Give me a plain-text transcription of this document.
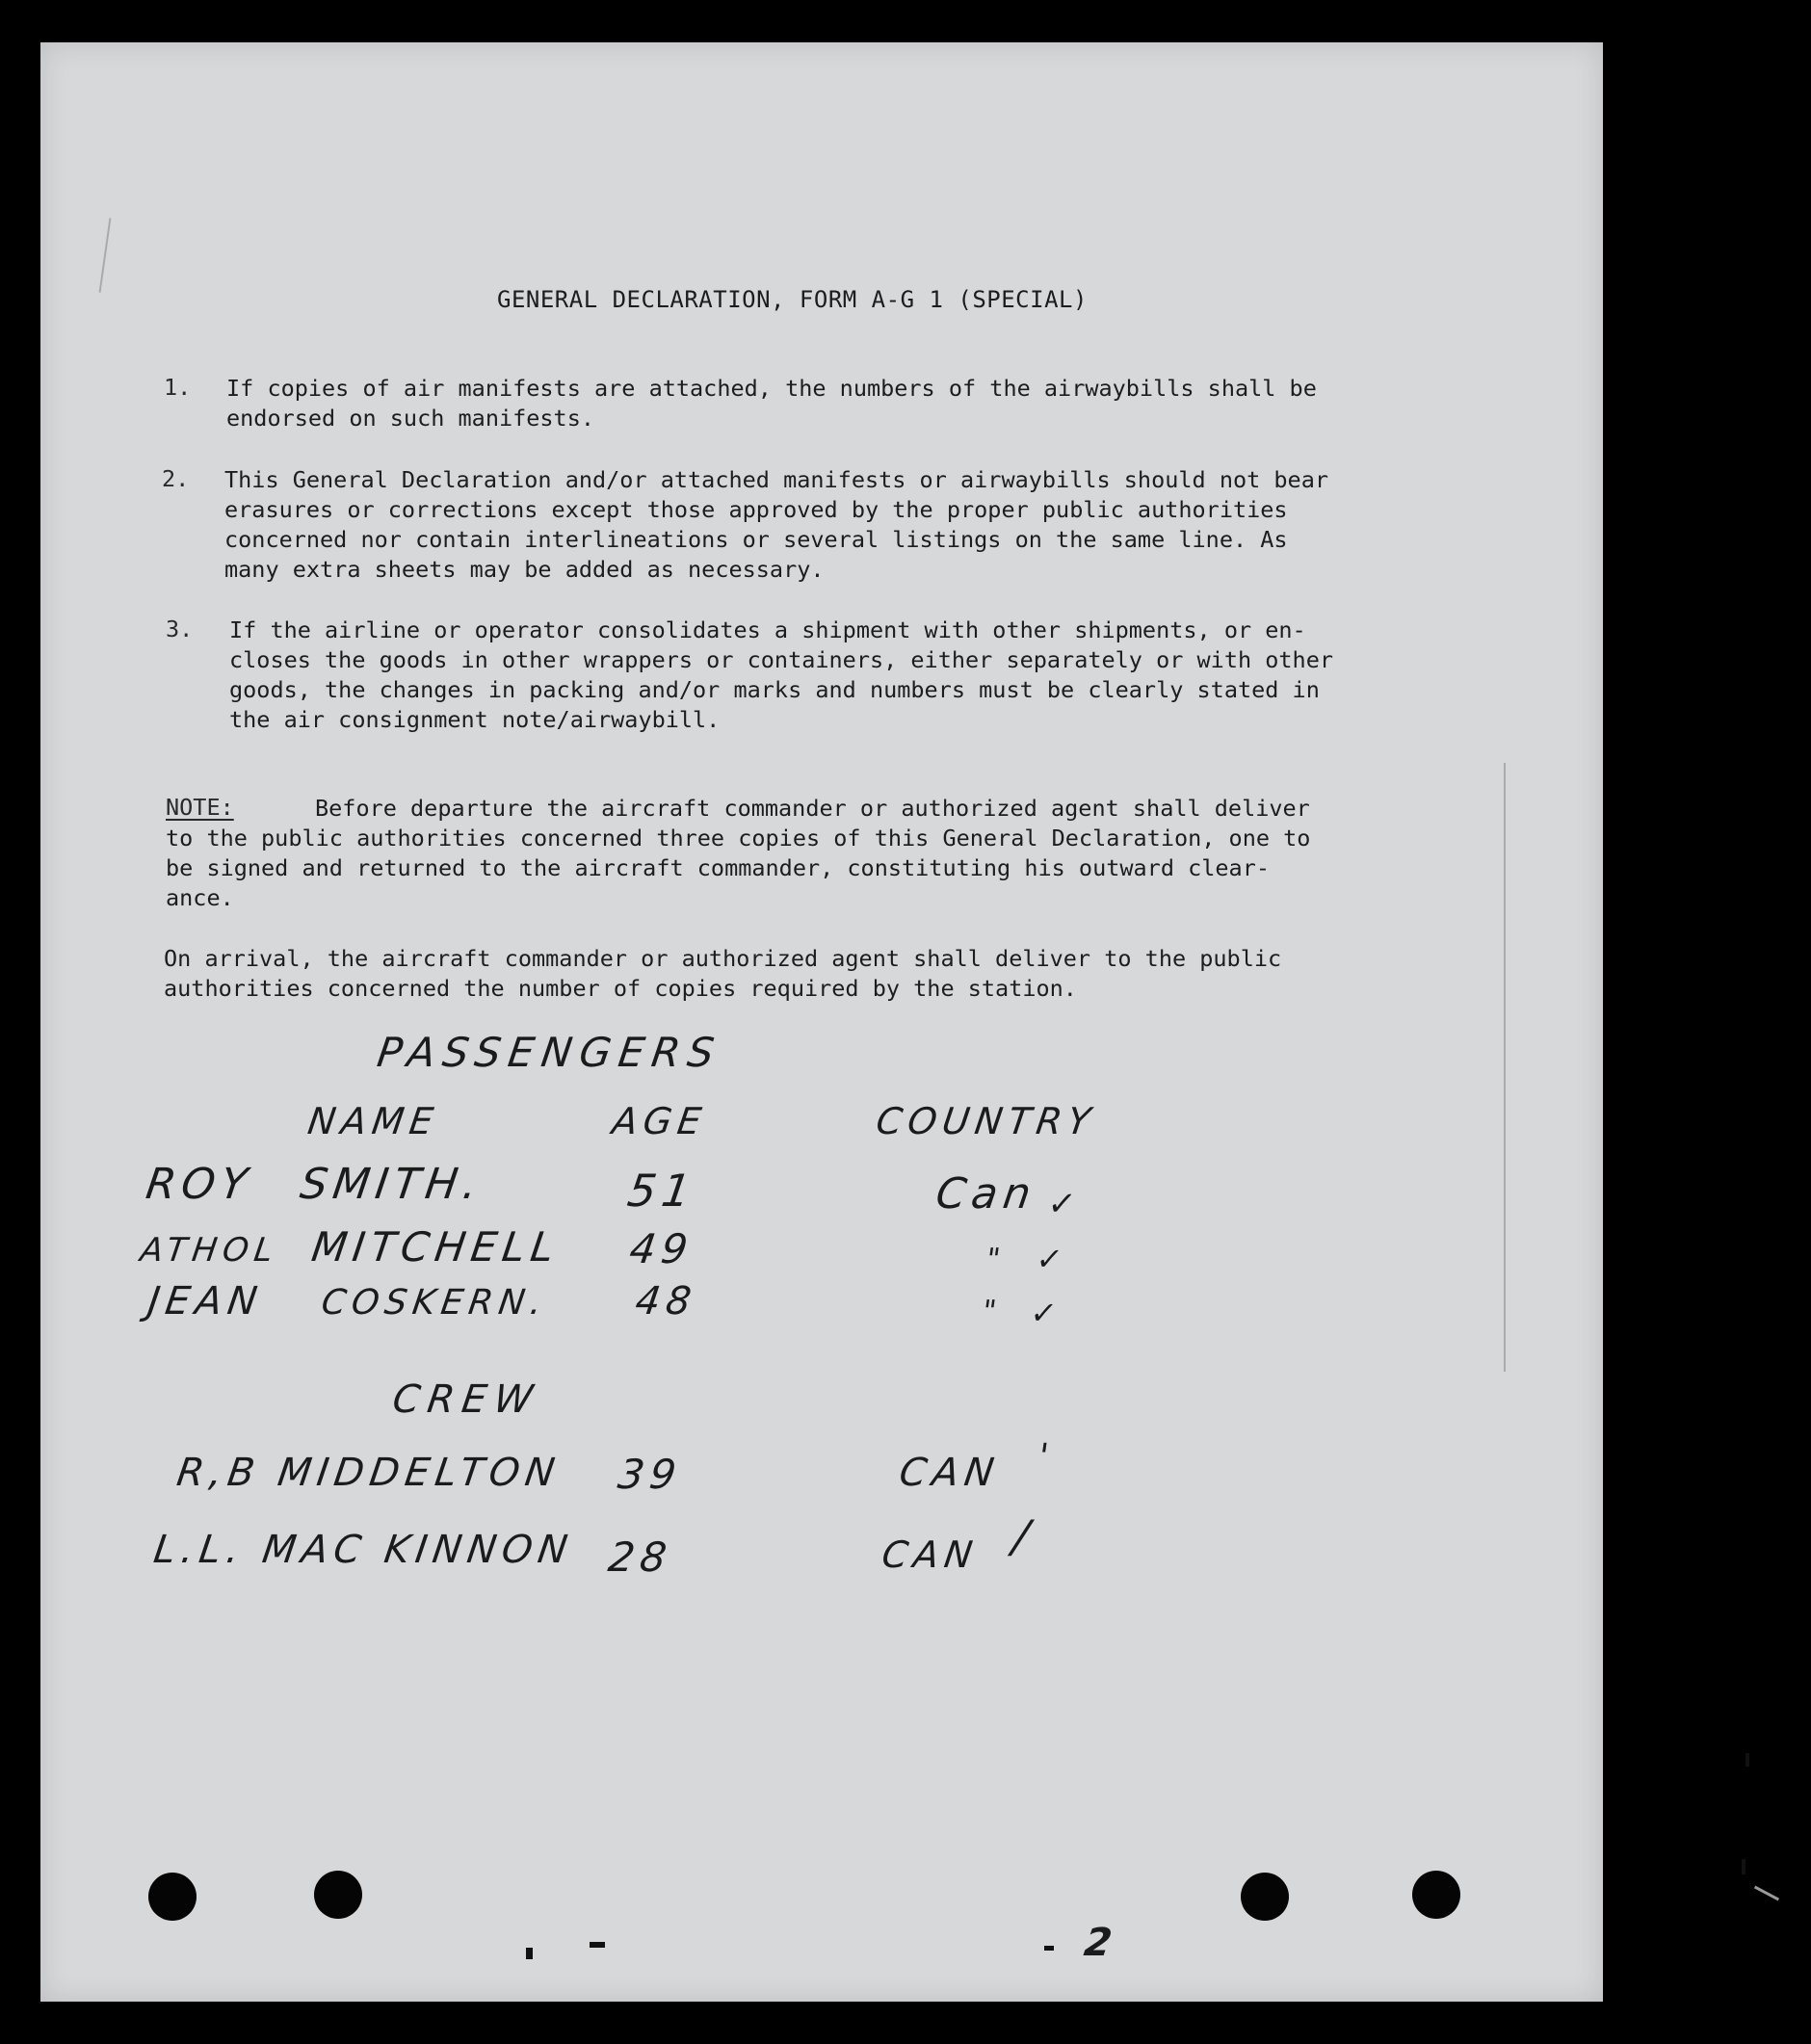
GENERAL DECLARATION, FORM A-G 1 (SPECIAL)
1. If copies of air manifests are attached, the numbers of the airwaybills shall be
endorsed on such manifests.
2. This General Declaration and/or attached manifests or airwaybills should not bear
erasures or corrections except those approved by the proper public authorities
concerned nor contain interlineations or several listings on the same line. As
many extra sheets may be added as necessary.
3. If the airline or operator consolidates a shipment with other shipments, or en-
closes the goods in other wrappers or containers, either separately or with other
goods, the changes in packing and/or marks and numbers must be clearly stated in
the air consignment note/airwaybill.
NOTE:	Before departure the aircraft commander or authorized agent shall deliver
to the public authorities concerned three copies of this General Declaration, one to
be signed and returned to the aircraft commander, constituting his outward clear-
ance.
On arrival, the aircraft commander or authorized agent shall deliver to the public
authorities concerned the number of copies required by the station.
PASSENGERS
NAME	AGE	COUNTRY
ROY SMITH.	51	Can ✓
ATHOL MITCHELL 49	" ✓
JEAN COSKERN. 48	" ✓
CREW
R,B MIDDELTON 39	CAN '
L.L. MAC KINNON 28	CAN /
2
